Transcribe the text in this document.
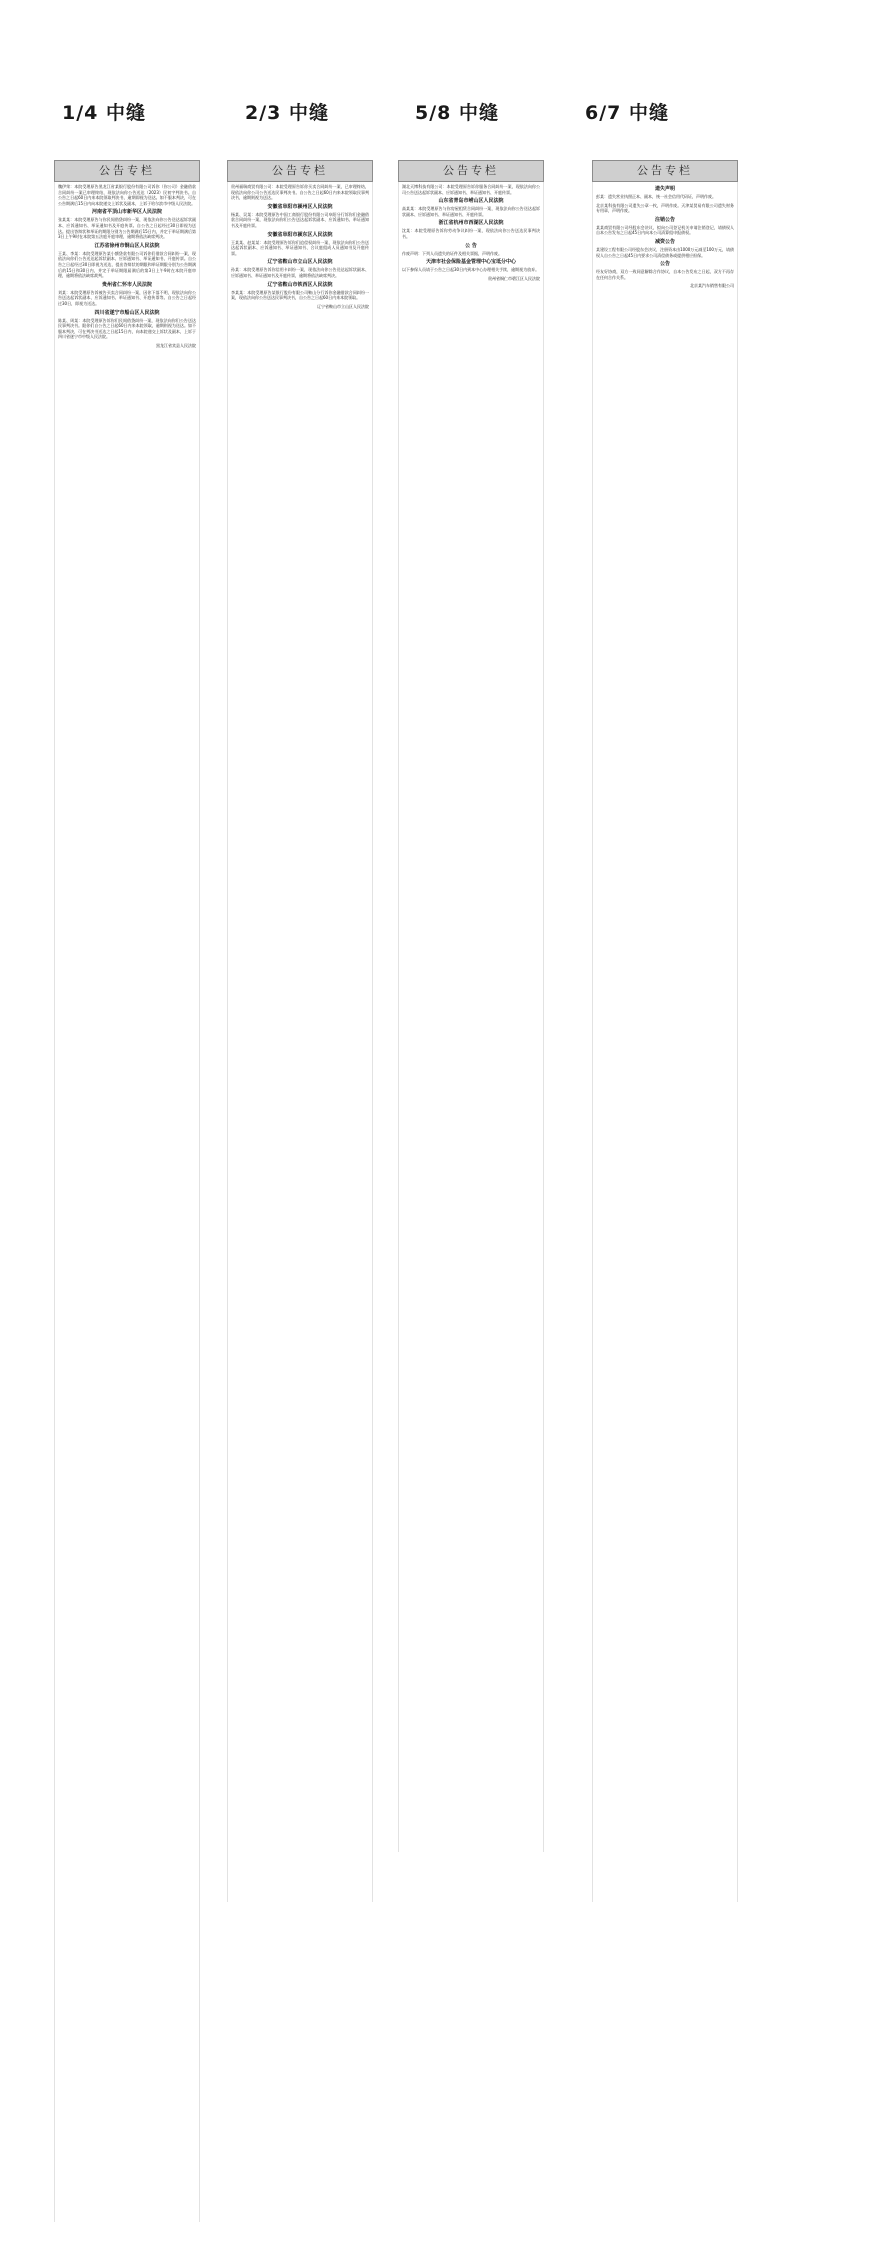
1/4 中缝	2/3 中缝	5/8 中缝	6/7 中缝
公告专栏
魏伊荣：本院受理原告黑龙江省某银行股份有限公司诉你（你公司）金融借款合同纠纷一案已审理终结，现依法向你公告送达（2023）民初字判决书。自公告之日起60日内来本院领取判决书，逾期即视为送达。如不服本判决，可在公告期满后15日内向本院递交上诉状及副本，上诉于哈尔滨市中级人民法院。
河南省平顶山市新华区人民法院
张某某：本院受理原告与你民间借贷纠纷一案，现依法向你公告送达起诉状副本、应诉通知书、举证通知书及开庭传票。自公告之日起经过30日即视为送达。提出答辩状和举证的期限分别为公告期满后15日内，并定于举证期满后第3日上午9时在本院第五法庭开庭审理，逾期将依法缺席判决。
江苏省徐州市铜山区人民法院
王某、李某：本院受理原告某小额贷款有限公司诉你们借款合同纠纷一案，现依法向你们公告送达起诉状副本、应诉通知书、举证通知书、开庭传票。自公告之日起经过30日即视为送达，提出答辩状的期限和举证期限分别为公告期满后的15日和30日内，并定于举证期限届满后的第3日上午9时在本院开庭审理，逾期将依法缺席裁判。
贵州省仁怀市人民法院
刘某：本院受理原告诉被告买卖合同纠纷一案，因你下落不明，现依法向你公告送达起诉状副本、应诉通知书、举证通知书、开庭传票等。自公告之日起经过30日，即视为送达。
四川省遂宁市船山区人民法院
陈某、周某：本院受理原告诉你们民间借贷纠纷一案，现依法向你们公告送达民事判决书。限你们自公告之日起60日内来本院领取，逾期则视为送达。如不服本判决，可在判决书送达之日起15日内，向本院递交上诉状及副本，上诉于四川省遂宁市中级人民法院。
黑龙江省宾县人民法院
公告专栏
贵州福瑞商贸有限公司：本院受理原告诉你买卖合同纠纷一案，已审理终结，现依法向你公司公告送达民事判决书。自公告之日起60日内来本院领取民事判决书，逾期则视为送达。
安徽省阜阳市颍州区人民法院
杨某、吴某：本院受理原告中国工商银行股份有限公司阜阳分行诉你们金融借款合同纠纷一案，现依法向你们公告送达起诉状副本、应诉通知书、举证通知书及开庭传票。
安徽省阜阳市颍东区人民法院
王某某、赵某某：本院受理原告诉你们追偿权纠纷一案，现依法向你们公告送达起诉状副本、应诉通知书、举证通知书、合议庭组成人员通知书及开庭传票。
辽宁省鞍山市立山区人民法院
孙某：本院受理原告诉你信用卡纠纷一案，现依法向你公告送达起诉状副本、应诉通知书、举证通知书及开庭传票，逾期将依法缺席判决。
辽宁省鞍山市铁西区人民法院
李某某：本院受理原告某银行股份有限公司鞍山分行诉你金融借款合同纠纷一案，现依法向你公告送达民事判决书，自公告之日起60日内来本院领取。
辽宁省鞍山市立山区人民法院
公告专栏
湖北天博科技有限公司：本院受理原告诉你服务合同纠纷一案，现依法向你公司公告送达起诉状副本、应诉通知书、举证通知书、开庭传票。
山东省青岛市崂山区人民法院
高某某：本院受理原告与你房屋租赁合同纠纷一案，现依法向你公告送达起诉状副本、应诉通知书、举证通知书、开庭传票。
浙江省杭州市西湖区人民法院
沈某：本院受理原告诉你劳动争议纠纷一案，现依法向你公告送达民事判决书。
公 告
作废声明：下列人员遗失的证件及相关票据，声明作废。
天津市社会保险基金管理中心宝坻分中心
以下参保人员请于公告之日起30日内到本中心办理相关手续，逾期视为放弃。
贵州省铜仁市碧江区人民法院
公告专栏
遗失声明
彭某：遗失营业执照正本、副本，统一社会信用代码证，声明作废。
北京某科技有限公司遗失公章一枚，声明作废。天津某贸易有限公司遗失财务专用章，声明作废。
注销公告
某某商贸有限公司经股东会决议，拟向公司登记机关申请注销登记，请债权人自本公告发布之日起45日内向本公司清算组申报债权。
减资公告
某建设工程有限公司经股东会决议，注册资本由1000万元减至100万元，请债权人自公告之日起45日内要求公司清偿债务或提供相应担保。
公告
经友好协商，双方一致同意解除合作协议，自本公告发布之日起，双方不再存在任何合作关系。
北京某汽车销售有限公司
